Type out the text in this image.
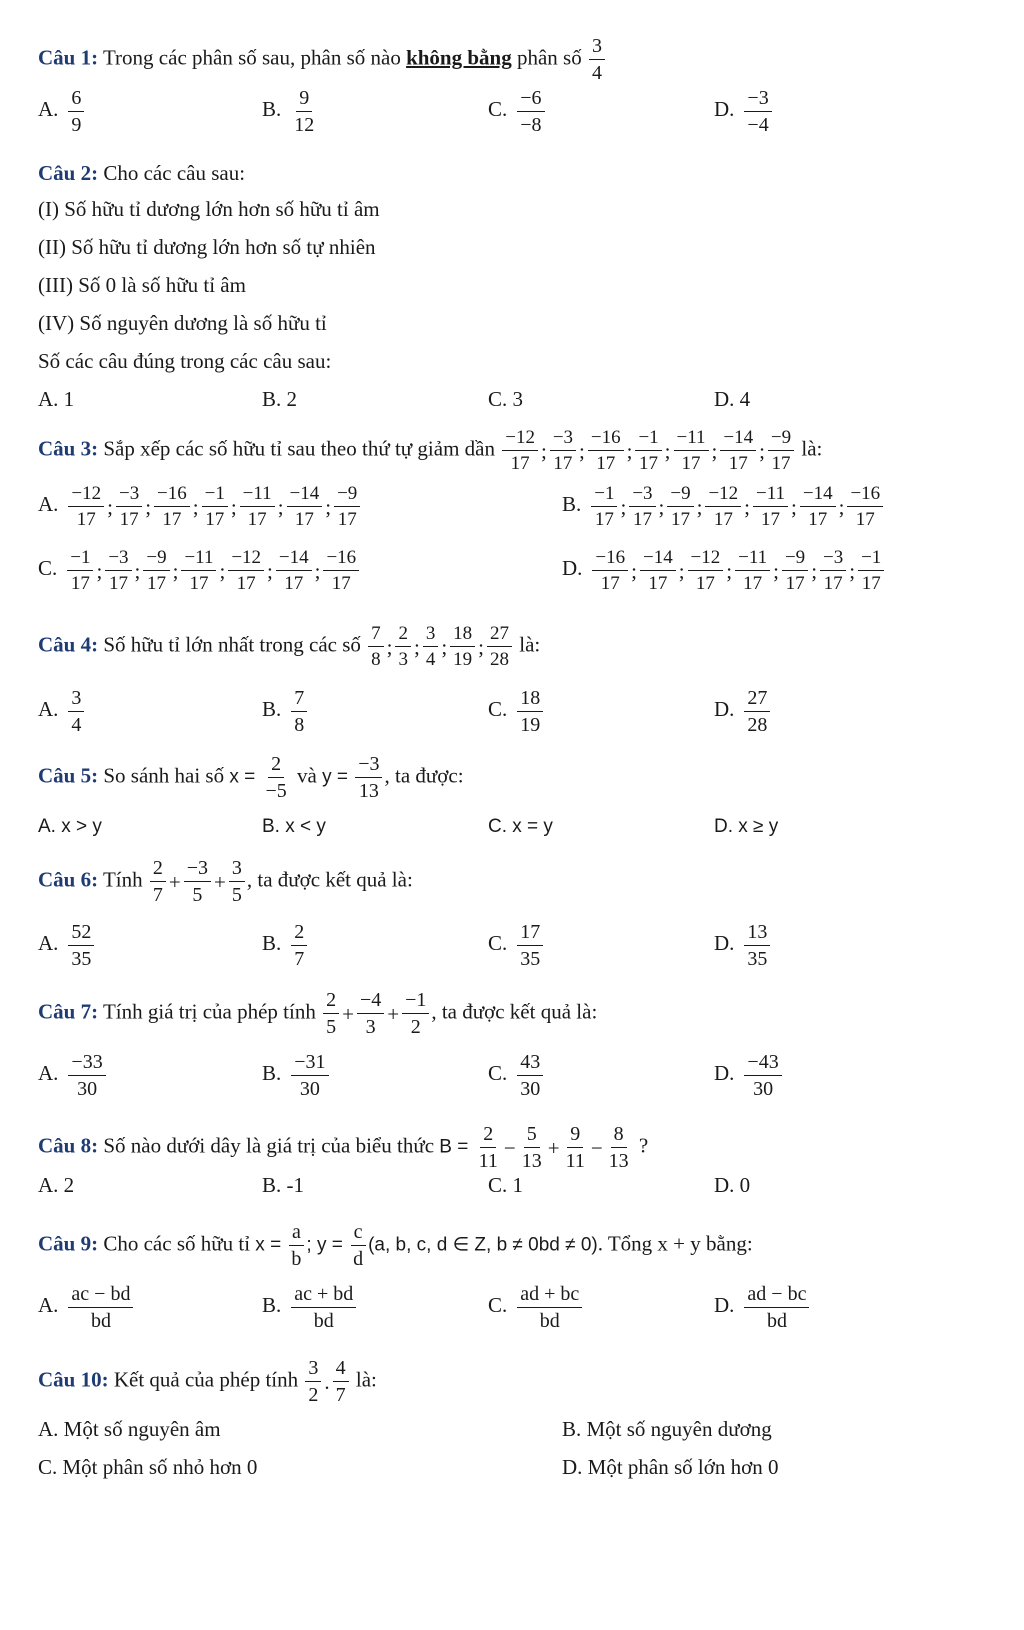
Câu 1: Trong các phân số sau, phân số nào không bằng phân số $\frac{3}{4}$
A. $\frac{6}{9}$	B. $\frac{9}{12}$	C. $\frac{-6}{-8}$	D. $\frac{-3}{-4}$
Câu 2: Cho các câu sau:
(I) Số hữu tỉ dương lớn hơn số hữu tỉ âm
(II) Số hữu tỉ dương lớn hơn số tự nhiên
(III) Số 0 là số hữu tỉ âm
(IV) Số nguyên dương là số hữu tỉ
Số các câu đúng trong các câu sau:
A. 1	B. 2	C. 3	D. 4
Câu 3: Sắp xếp các số hữu tỉ sau theo thứ tự giảm dần $\frac{-12}{17}$ ; $\frac{-3}{17}$ ; $\frac{-16}{17}$ ; $\frac{-1}{17}$ ; $\frac{-11}{17}$ ; $\frac{-14}{17}$ ; $\frac{-9}{17}$ là:
A. $\frac{-12}{17}$ ; $\frac{-3}{17}$ ; $\frac{-16}{17}$ ; $\frac{-1}{17}$ ; $\frac{-11}{17}$ ; $\frac{-14}{17}$ ; $\frac{-9}{17}$	B. $\frac{-1}{17}$ ; $\frac{-3}{17}$ ; $\frac{-9}{17}$ ; $\frac{-12}{17}$ ; $\frac{-11}{17}$ ; $\frac{-14}{17}$ ; $\frac{-16}{17}$
C. $\frac{-1}{17}$ ; $\frac{-3}{17}$ ; $\frac{-9}{17}$ ; $\frac{-11}{17}$ ; $\frac{-12}{17}$ ; $\frac{-14}{17}$ ; $\frac{-16}{17}$	D. $\frac{-16}{17}$ ; $\frac{-14}{17}$ ; $\frac{-12}{17}$ ; $\frac{-11}{17}$ ; $\frac{-9}{17}$ ; $\frac{-3}{17}$ ; $\frac{-1}{17}$
Câu 4: Số hữu tỉ lớn nhất trong các số $\frac{7}{8}$ ; $\frac{2}{3}$ ; $\frac{3}{4}$ ; $\frac{18}{19}$ ; $\frac{27}{28}$ là:
A. $\frac{3}{4}$	B. $\frac{7}{8}$	C. $\frac{18}{19}$	D. $\frac{27}{28}$
Câu 5: So sánh hai số $x = \frac{2}{-5}$ và $y = \frac{-3}{13}$ , ta được:
A. x > y	B. x < y	C. x = y	D. x ≥ y
Câu 6: Tính $\frac{2}{7} + \frac{-3}{5} + \frac{3}{5}$ , ta được kết quả là:
A. $\frac{52}{35}$	B. $\frac{2}{7}$	C. $\frac{17}{35}$	D. $\frac{13}{35}$
Câu 7: Tính giá trị của phép tính $\frac{2}{5} + \frac{-4}{3} + \frac{-1}{2}$ , ta được kết quả là:
A. $\frac{-33}{30}$	B. $\frac{-31}{30}$	C. $\frac{43}{30}$	D. $\frac{-43}{30}$
Câu 8: Số nào dưới dây là giá trị của biểu thức $B = \frac{2}{11} - \frac{5}{13} + \frac{9}{11} - \frac{8}{13}$ ?
A. 2	B. -1	C. 1	D. 0
Câu 9: Cho các số hữu tỉ $x = \frac{a}{b}$ ; $y = \frac{c}{d} (a$, b, c, d ∈ Z, b ≠ 0bd ≠ 0). Tổng x + y bằng:
A. $\frac{ac - bd}{bd}$	B. $\frac{ac + bd}{bd}$	C. $\frac{ad + bc}{bd}$	D. $\frac{ad - bc}{bd}$
Câu 10: Kết quả của phép tính $\frac{3}{2}$ . $\frac{4}{7}$ là:
A. Một số nguyên âm	B. Một số nguyên dương
C. Một phân số nhỏ hơn 0	D. Một phân số lớn hơn 0
